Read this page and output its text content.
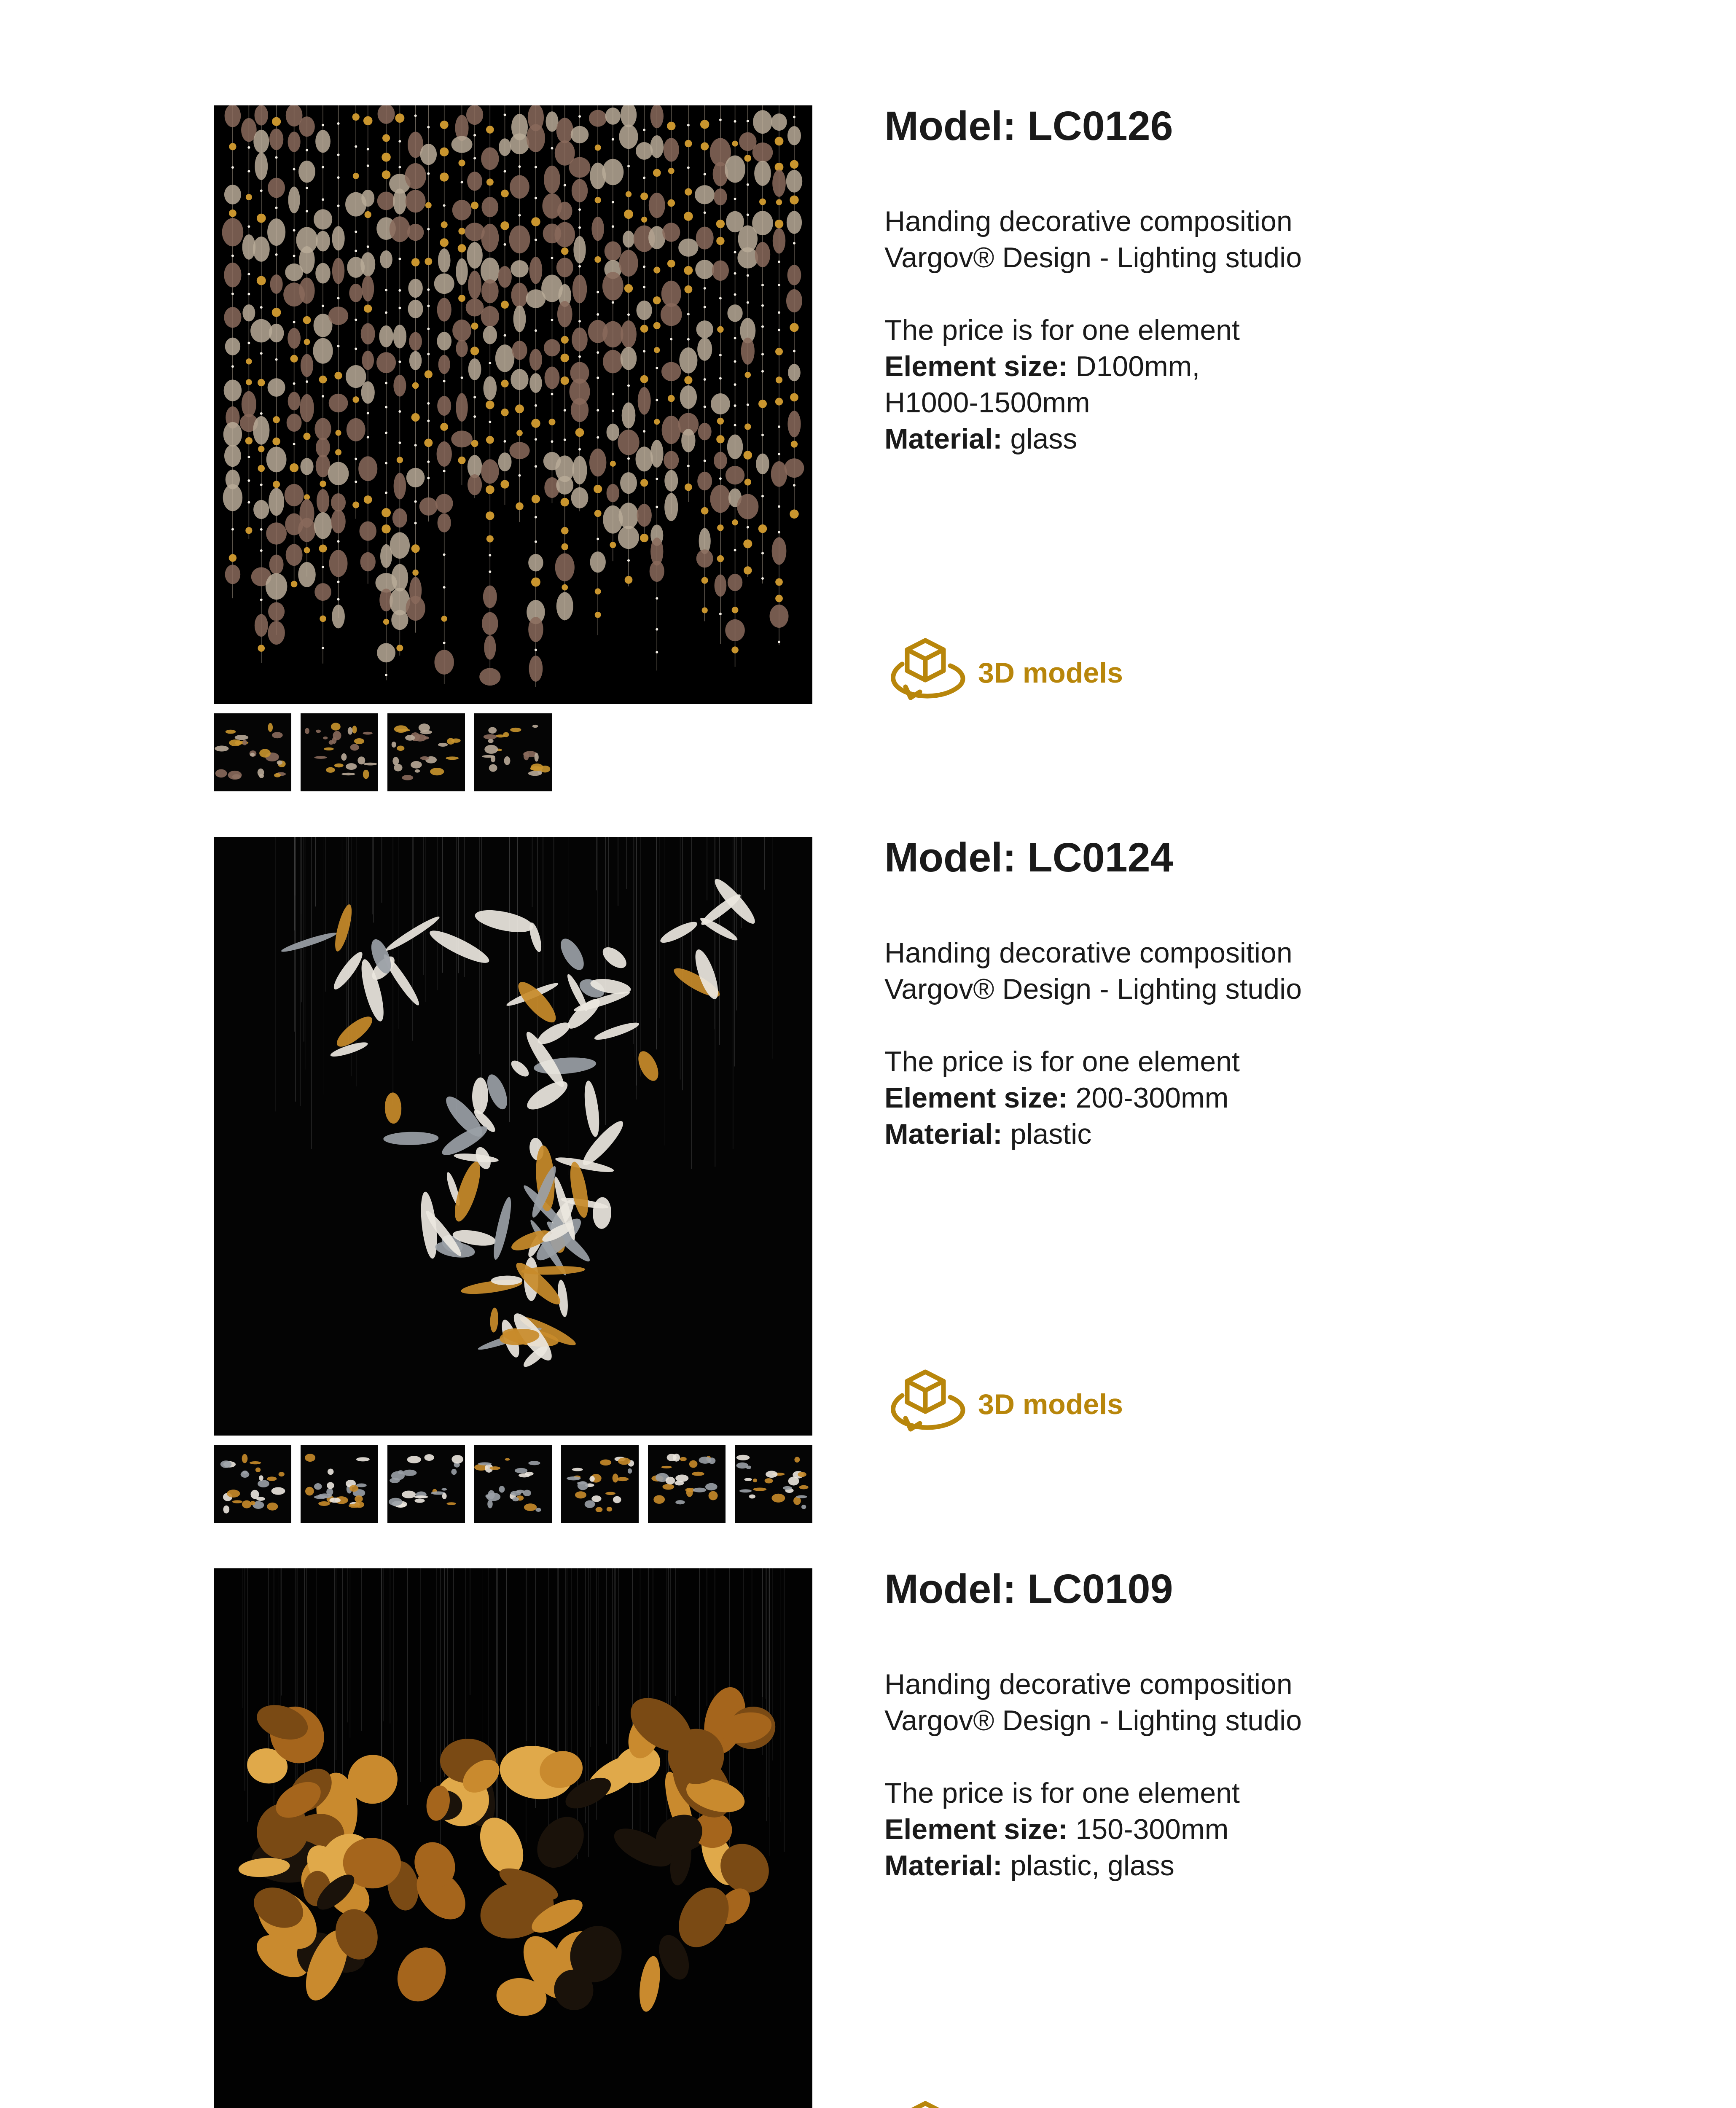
Model: LC0126
Handing decorative composition
Vargov® Design - Lighting studio
The price is for one element
Element size: D100mm,
H1000-1500mm
Material: glass
3D models
Model: LC0124
Handing decorative composition
Vargov® Design - Lighting studio
The price is for one element
Element size: 200-300mm
Material: plastic
3D models
Model: LC0109
Handing decorative composition
Vargov® Design - Lighting studio
The price is for one element
Element size: 150-300mm
Material: plastic, glass
